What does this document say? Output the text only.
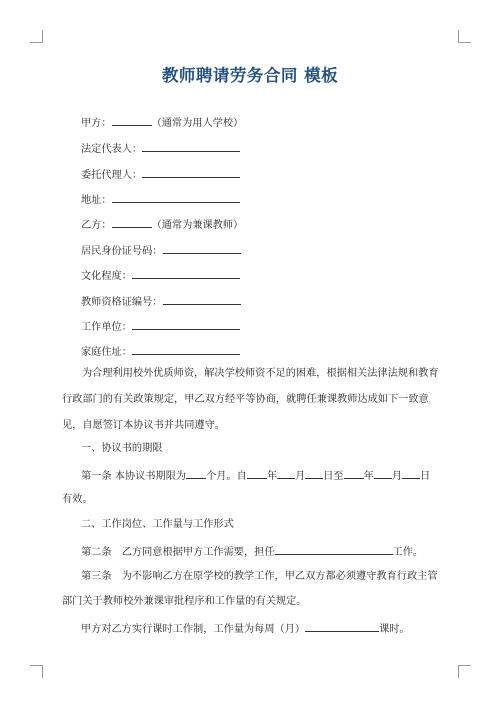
教师聘请劳务合同 模板
甲方：	（通常为用人学校）
法定代表人：
委托代理人：
地址：
乙方：	（通常为兼课教师）
居民身份证号码：
文化程度：
教师资格证编号：
工作单位：
家庭住址：
为合理利用校外优质师资，解决学校师资不足的困难，根据相关法律法规和教育行政部门的有关政策规定，甲乙双方经平等协商，就聘任兼课教师达成如下一致意见，自愿签订本协议书并共同遵守。
一、协议书的期限
第一条 本协议书期限为 个月。自 年 月 日至 年 月 日
有效。
二、工作岗位、工作量与工作形式
第二条　乙方同意根据甲方工作需要，担任	工作。
第三条　为不影响乙方在原学校的教学工作，甲乙双方都必须遵守教育行政主管
部门关于教师校外兼课审批程序和工作量的有关规定。
甲方对乙方实行课时工作制，工作量为每周（月）	课时。
